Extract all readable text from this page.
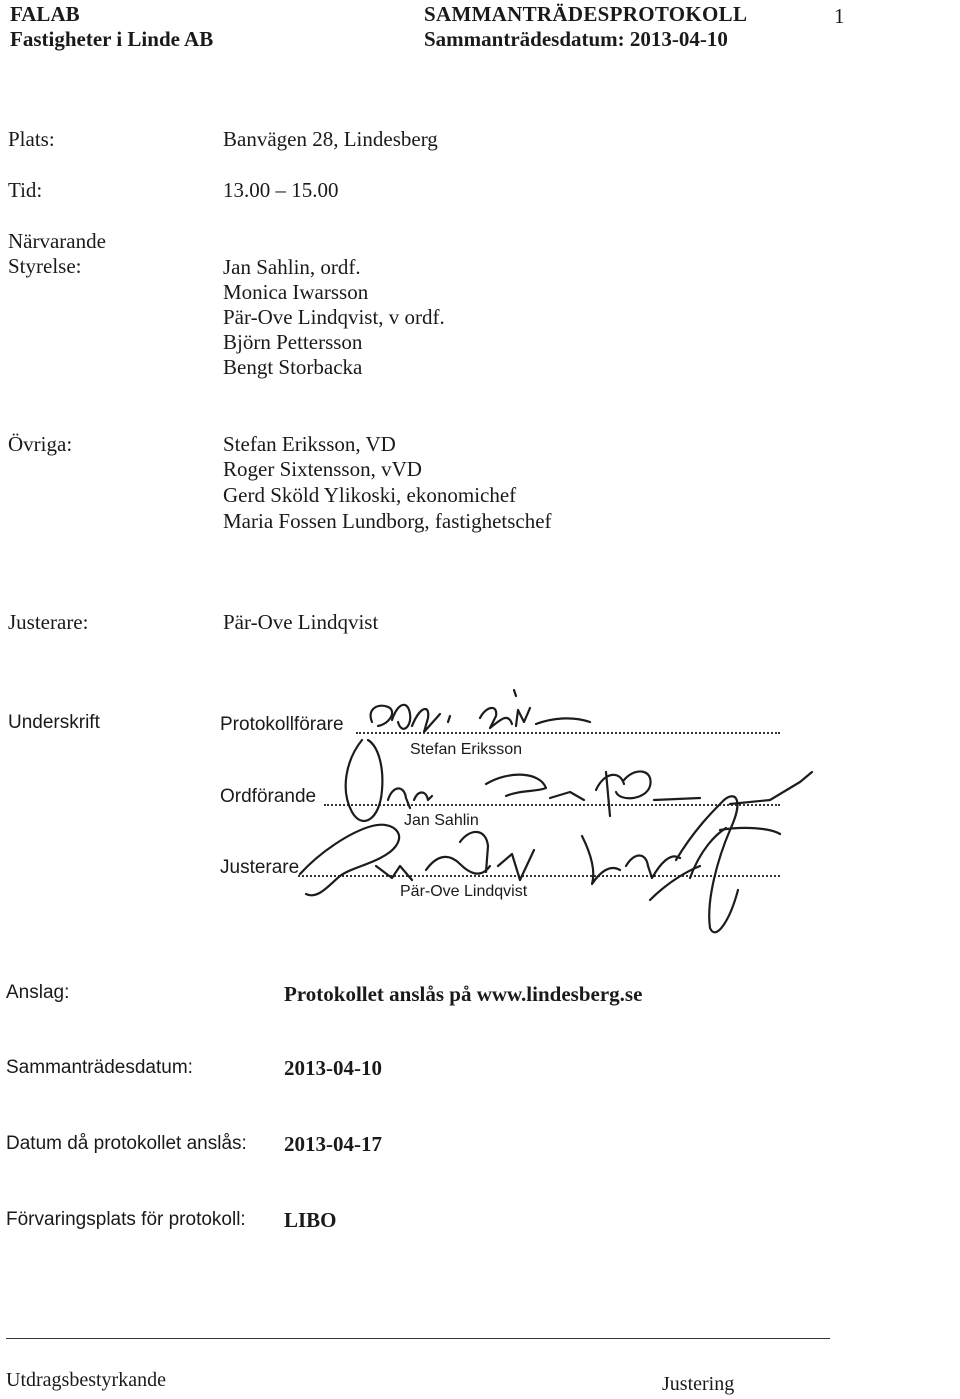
FALAB
Fastigheter i Linde AB
SAMMANTRÄDESPROTOKOLL
Sammanträdesdatum: 2013-04-10
1
Plats:	Banvägen 28, Lindesberg
Tid:	13.00 – 15.00
Närvarande
Styrelse:	Jan Sahlin, ordf.
Monica Iwarsson
Pär-Ove Lindqvist, v ordf.
Björn Pettersson
Bengt Storbacka
Övriga:	Stefan Eriksson, VD
Roger Sixtensson, vVD
Gerd Sköld Ylikoski, ekonomichef
Maria Fossen Lundborg, fastighetschef
Justerare:	Pär-Ove Lindqvist
Underskrift	Protokollförare
Stefan Eriksson
Ordförande
Jan Sahlin
Justerare
Pär-Ove Lindqvist
Anslag:	Protokollet anslås på www.lindesberg.se
Sammanträdesdatum:	2013-04-10
Datum då protokollet anslås: 2013-04-17
Förvaringsplats för protokoll: LIBO
Utdragsbestyrkande	Justering
